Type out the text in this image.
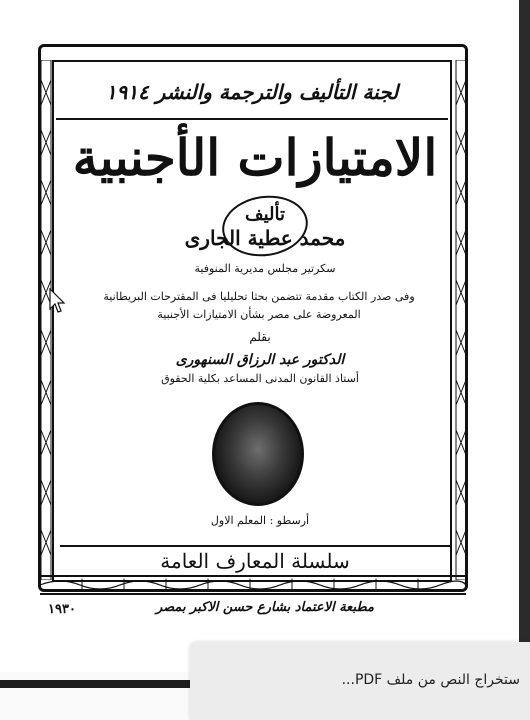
لجنة التأليف والترجمة والنشر ١٩١٤
الامتيازات الأجنبية
تأليف
محمد عطية الجارى
سكرتير مجلس مديرية المنوفية
وفى صدر الكتاب مقدمة تتضمن بحثا تحليليا فى المقترحات البريطانية
المعروضة على مصر بشأن الامتيازات الأجنبية
بقلم
الدكتور عبد الرزاق السنهورى
أستاذ القانون المدنى المساعد بكلية الحقوق
أرسطو : المعلم الاول
سلسلة المعارف العامة
مطبعة الاعتماد بشارع حسن الاكبر بمصر
١٩٣٠
ستخراج النص من ملف PDF...
